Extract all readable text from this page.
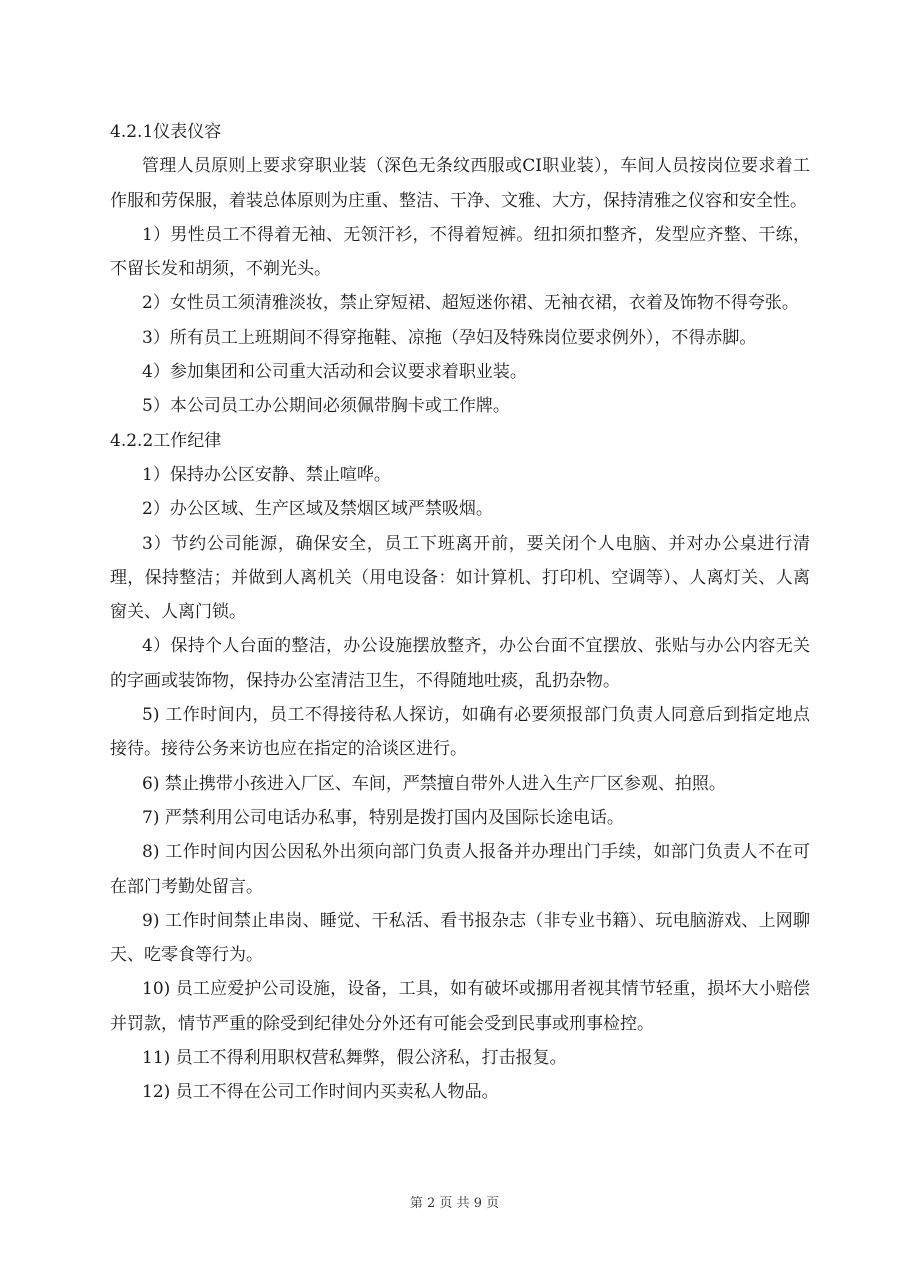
4.2.1仪表仪容

管理人员原则上要求穿职业装（深色无条纹西服或CI职业装），车间人员按岗位要求着工作服和劳保服，着装总体原则为庄重、整洁、干净、文雅、大方，保持清雅之仪容和安全性。

1）男性员工不得着无袖、无领汗衫，不得着短裤。纽扣须扣整齐，发型应齐整、干练，不留长发和胡须，不剃光头。

2）女性员工须清雅淡妆，禁止穿短裙、超短迷你裙、无袖衣裙，衣着及饰物不得夸张。

3）所有员工上班期间不得穿拖鞋、凉拖（孕妇及特殊岗位要求例外），不得赤脚。

4）参加集团和公司重大活动和会议要求着职业装。

5）本公司员工办公期间必须佩带胸卡或工作牌。

4.2.2工作纪律

1）保持办公区安静、禁止喧哗。

2）办公区域、生产区域及禁烟区域严禁吸烟。

3）节约公司能源，确保安全，员工下班离开前，要关闭个人电脑、并对办公桌进行清理，保持整洁；并做到人离机关（用电设备：如计算机、打印机、空调等）、人离灯关、人离窗关、人离门锁。

4）保持个人台面的整洁，办公设施摆放整齐，办公台面不宜摆放、张贴与办公内容无关的字画或装饰物，保持办公室清洁卫生，不得随地吐痰，乱扔杂物。

5) 工作时间内，员工不得接待私人探访，如确有必要须报部门负责人同意后到指定地点接待。接待公务来访也应在指定的洽谈区进行。

6) 禁止携带小孩进入厂区、车间，严禁擅自带外人进入生产厂区参观、拍照。

7) 严禁利用公司电话办私事，特别是拨打国内及国际长途电话。

8) 工作时间内因公因私外出须向部门负责人报备并办理出门手续，如部门负责人不在可在部门考勤处留言。

9) 工作时间禁止串岗、睡觉、干私活、看书报杂志（非专业书籍）、玩电脑游戏、上网聊天、吃零食等行为。

10) 员工应爱护公司设施，设备，工具，如有破坏或挪用者视其情节轻重，损坏大小赔偿并罚款，情节严重的除受到纪律处分外还有可能会受到民事或刑事检控。

11) 员工不得利用职权营私舞弊，假公济私，打击报复。

12) 员工不得在公司工作时间内买卖私人物品。

第 2 页 共 9 页
